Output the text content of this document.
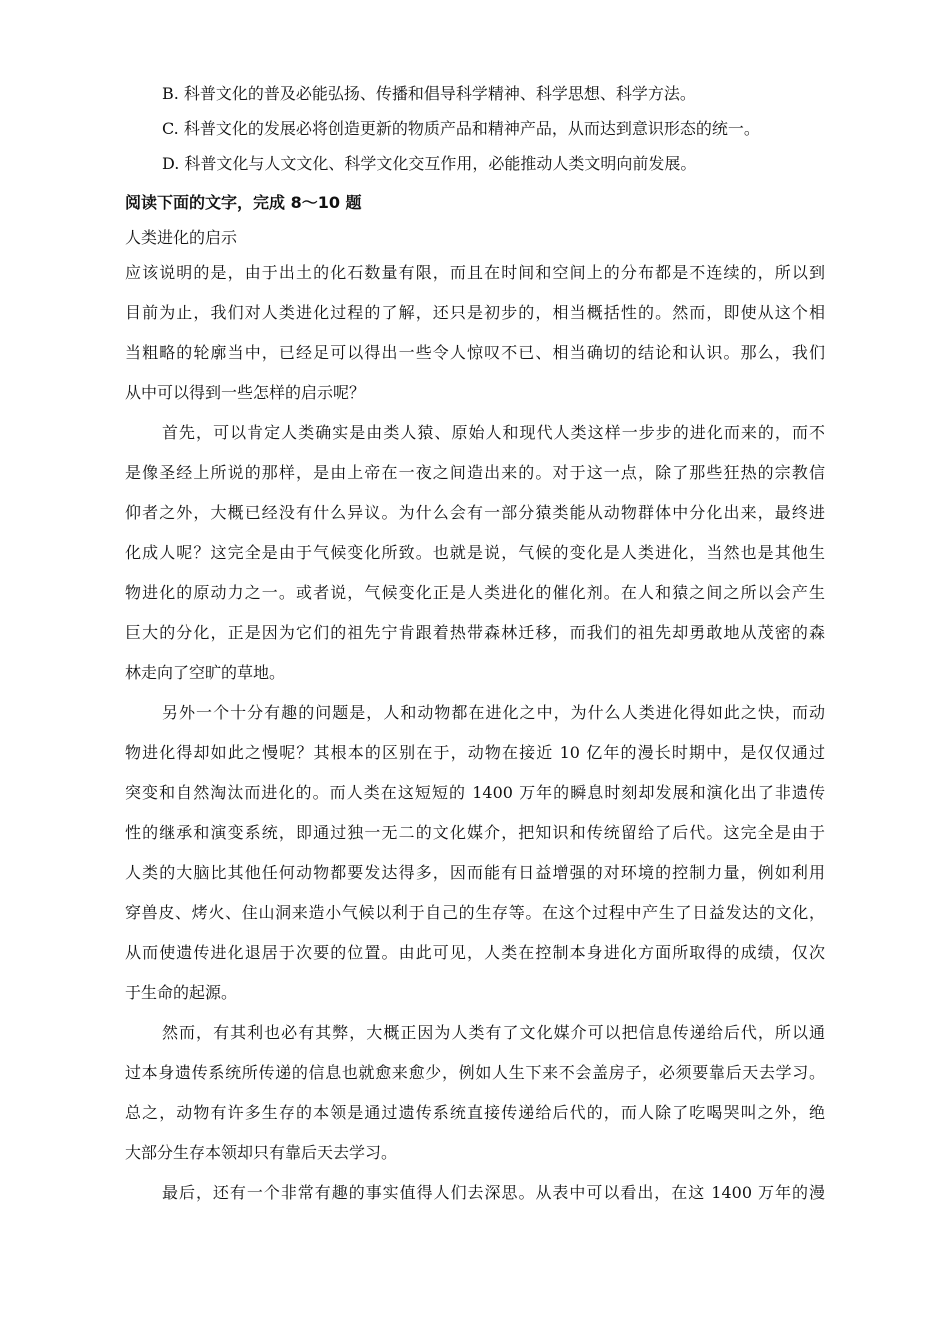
B. 科普文化的普及必能弘扬、传播和倡导科学精神、科学思想、科学方法。
C. 科普文化的发展必将创造更新的物质产品和精神产品，从而达到意识形态的统一。
D. 科普文化与人文文化、科学文化交互作用，必能推动人类文明向前发展。
阅读下面的文字，完成 8～10 题
人类进化的启示
应该说明的是，由于出土的化石数量有限，而且在时间和空间上的分布都是不连续的，所以到
目前为止，我们对人类进化过程的了解，还只是初步的，相当概括性的。然而，即使从这个相
当粗略的轮廓当中，已经足可以得出一些令人惊叹不已、相当确切的结论和认识。那么，我们
从中可以得到一些怎样的启示呢？
首先，可以肯定人类确实是由类人猿、原始人和现代人类这样一步步的进化而来的，而不
是像圣经上所说的那样，是由上帝在一夜之间造出来的。对于这一点，除了那些狂热的宗教信
仰者之外，大概已经没有什么异议。为什么会有一部分猿类能从动物群体中分化出来，最终进
化成人呢？这完全是由于气候变化所致。也就是说，气候的变化是人类进化，当然也是其他生
物进化的原动力之一。或者说，气候变化正是人类进化的催化剂。在人和猿之间之所以会产生
巨大的分化，正是因为它们的祖先宁肯跟着热带森林迁移，而我们的祖先却勇敢地从茂密的森
林走向了空旷的草地。
另外一个十分有趣的问题是，人和动物都在进化之中，为什么人类进化得如此之快，而动
物进化得却如此之慢呢？其根本的区别在于，动物在接近 10 亿年的漫长时期中，是仅仅通过
突变和自然淘汰而进化的。而人类在这短短的 1400 万年的瞬息时刻却发展和演化出了非遗传
性的继承和演变系统，即通过独一无二的文化媒介，把知识和传统留给了后代。这完全是由于
人类的大脑比其他任何动物都要发达得多，因而能有日益增强的对环境的控制力量，例如利用
穿兽皮、烤火、住山洞来造小气候以利于自己的生存等。在这个过程中产生了日益发达的文化，
从而使遗传进化退居于次要的位置。由此可见，人类在控制本身进化方面所取得的成绩，仅次
于生命的起源。
然而，有其利也必有其弊，大概正因为人类有了文化媒介可以把信息传递给后代，所以通
过本身遗传系统所传递的信息也就愈来愈少，例如人生下来不会盖房子，必须要靠后天去学习。
总之，动物有许多生存的本领是通过遗传系统直接传递给后代的，而人除了吃喝哭叫之外，绝
大部分生存本领却只有靠后天去学习。
最后，还有一个非常有趣的事实值得人们去深思。从表中可以看出，在这 1400 万年的漫
